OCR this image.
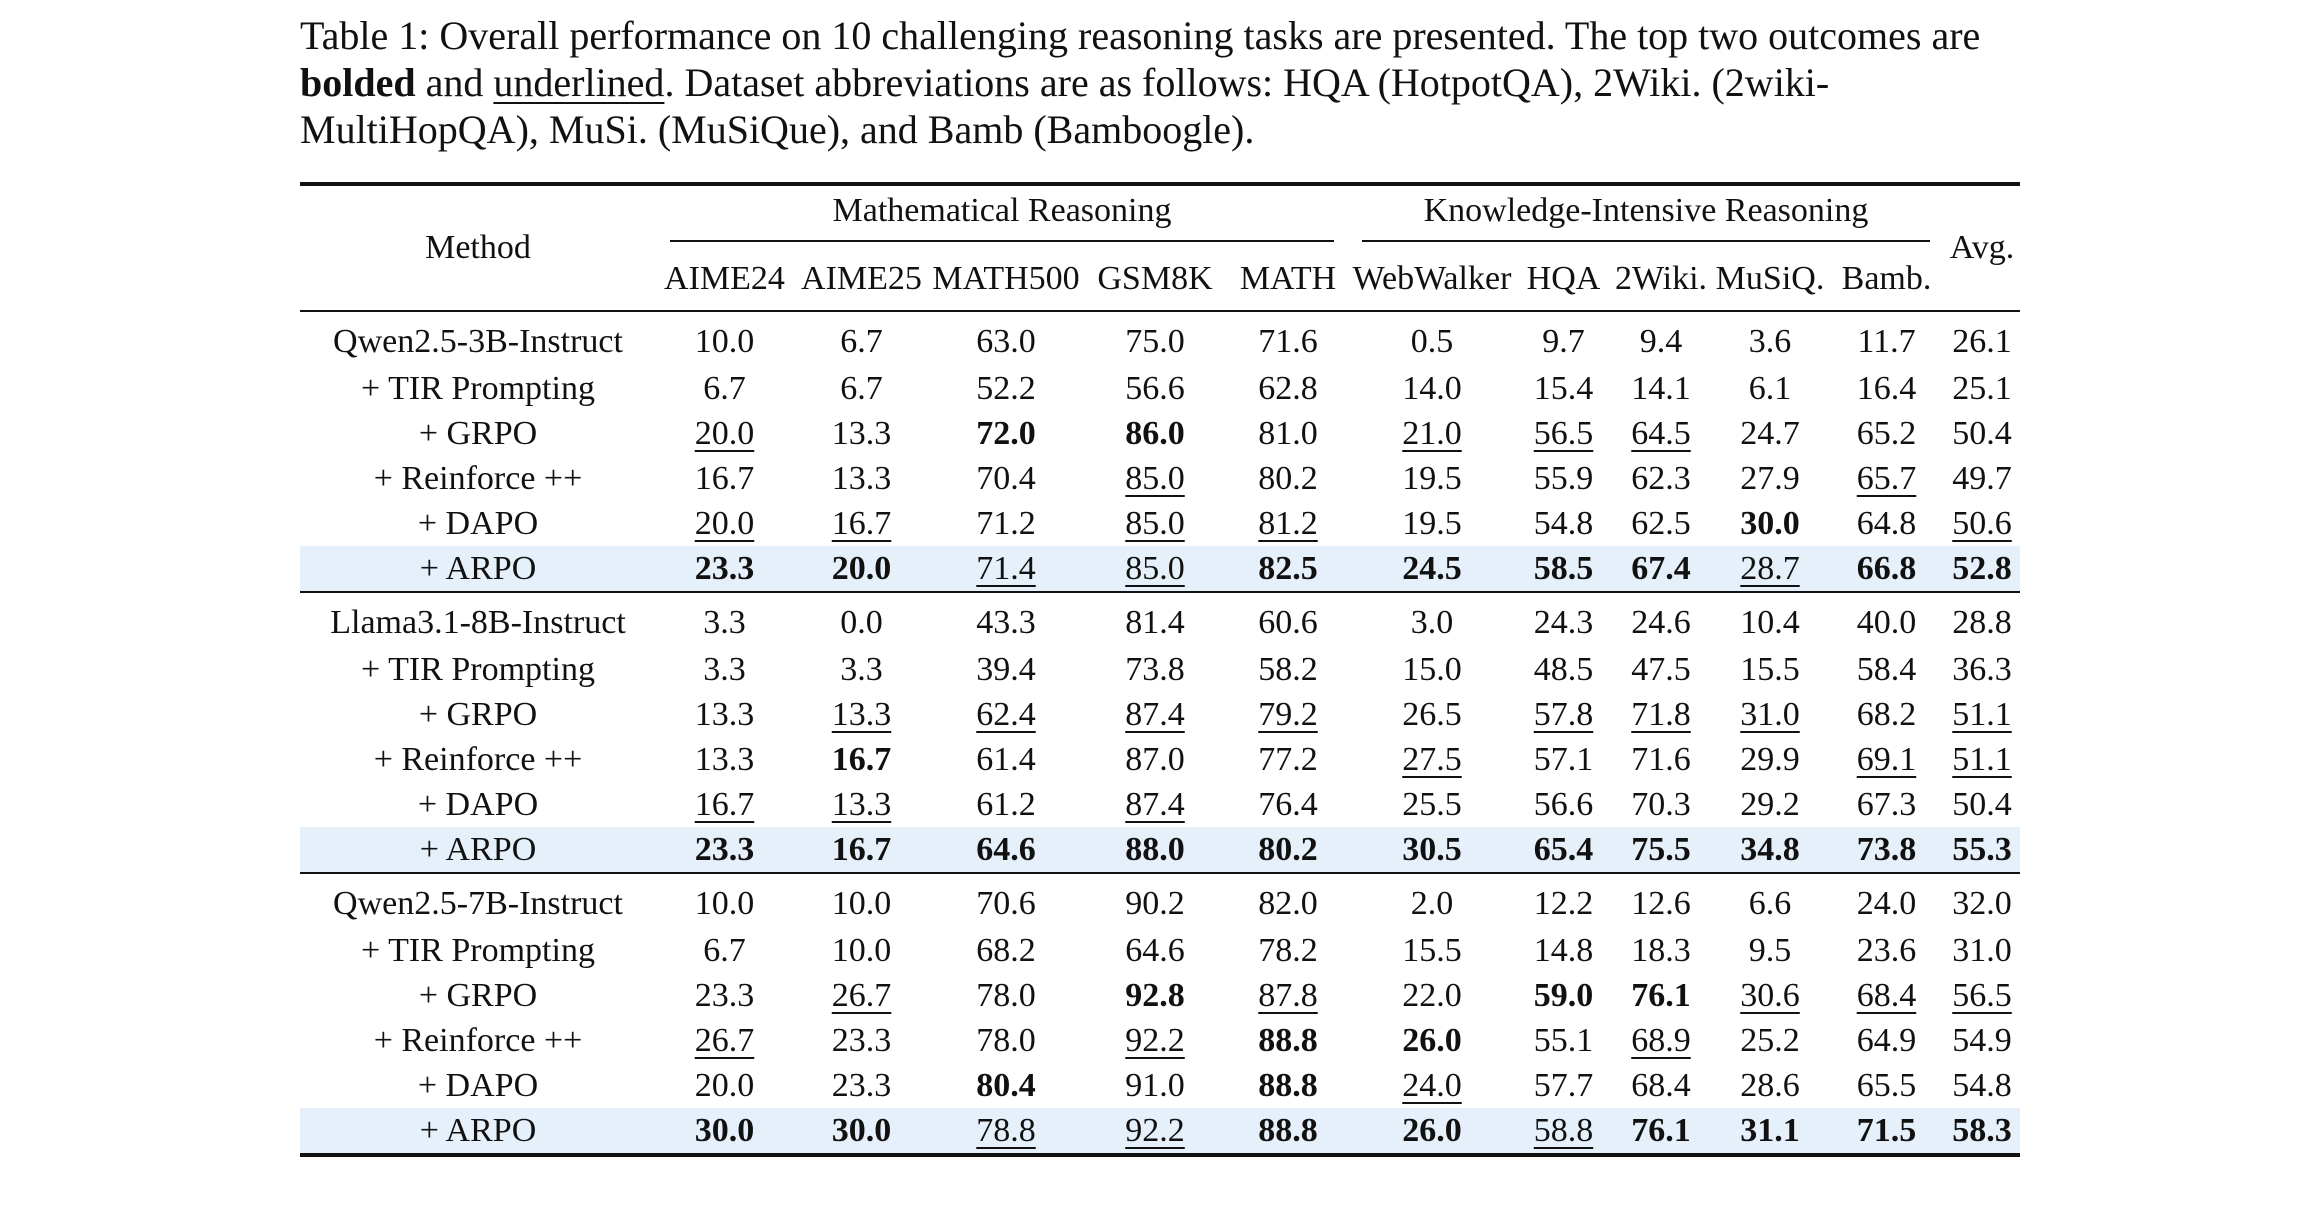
Table 1: Overall performance on 10 challenging reasoning tasks are presented. The top two outcomes are bolded and underlined. Dataset abbreviations are as follows: HQA (HotpotQA), 2Wiki. (2wiki-MultiHopQA), MuSi. (MuSiQue), and Bamb (Bamboogle).

Method	Mathematical Reasoning					Knowledge-Intensive Reasoning					Avg.
	AIME24	AIME25	MATH500	GSM8K	MATH	WebWalker	HQA	2Wiki.	MuSiQ.	Bamb.	
Qwen2.5-3B-Instruct	10.0	6.7	63.0	75.0	71.6	0.5	9.7	9.4	3.6	11.7	26.1
+ TIR Prompting	6.7	6.7	52.2	56.6	62.8	14.0	15.4	14.1	6.1	16.4	25.1
+ GRPO	20.0	13.3	72.0	86.0	81.0	21.0	56.5	64.5	24.7	65.2	50.4
+ Reinforce ++	16.7	13.3	70.4	85.0	80.2	19.5	55.9	62.3	27.9	65.7	49.7
+ DAPO	20.0	16.7	71.2	85.0	81.2	19.5	54.8	62.5	30.0	64.8	50.6
+ ARPO	23.3	20.0	71.4	85.0	82.5	24.5	58.5	67.4	28.7	66.8	52.8
Llama3.1-8B-Instruct	3.3	0.0	43.3	81.4	60.6	3.0	24.3	24.6	10.4	40.0	28.8
+ TIR Prompting	3.3	3.3	39.4	73.8	58.2	15.0	48.5	47.5	15.5	58.4	36.3
+ GRPO	13.3	13.3	62.4	87.4	79.2	26.5	57.8	71.8	31.0	68.2	51.1
+ Reinforce ++	13.3	16.7	61.4	87.0	77.2	27.5	57.1	71.6	29.9	69.1	51.1
+ DAPO	16.7	13.3	61.2	87.4	76.4	25.5	56.6	70.3	29.2	67.3	50.4
+ ARPO	23.3	16.7	64.6	88.0	80.2	30.5	65.4	75.5	34.8	73.8	55.3
Qwen2.5-7B-Instruct	10.0	10.0	70.6	90.2	82.0	2.0	12.2	12.6	6.6	24.0	32.0
+ TIR Prompting	6.7	10.0	68.2	64.6	78.2	15.5	14.8	18.3	9.5	23.6	31.0
+ GRPO	23.3	26.7	78.0	92.8	87.8	22.0	59.0	76.1	30.6	68.4	56.5
+ Reinforce ++	26.7	23.3	78.0	92.2	88.8	26.0	55.1	68.9	25.2	64.9	54.9
+ DAPO	20.0	23.3	80.4	91.0	88.8	24.0	57.7	68.4	28.6	65.5	54.8
+ ARPO	30.0	30.0	78.8	92.2	88.8	26.0	58.8	76.1	31.1	71.5	58.3
